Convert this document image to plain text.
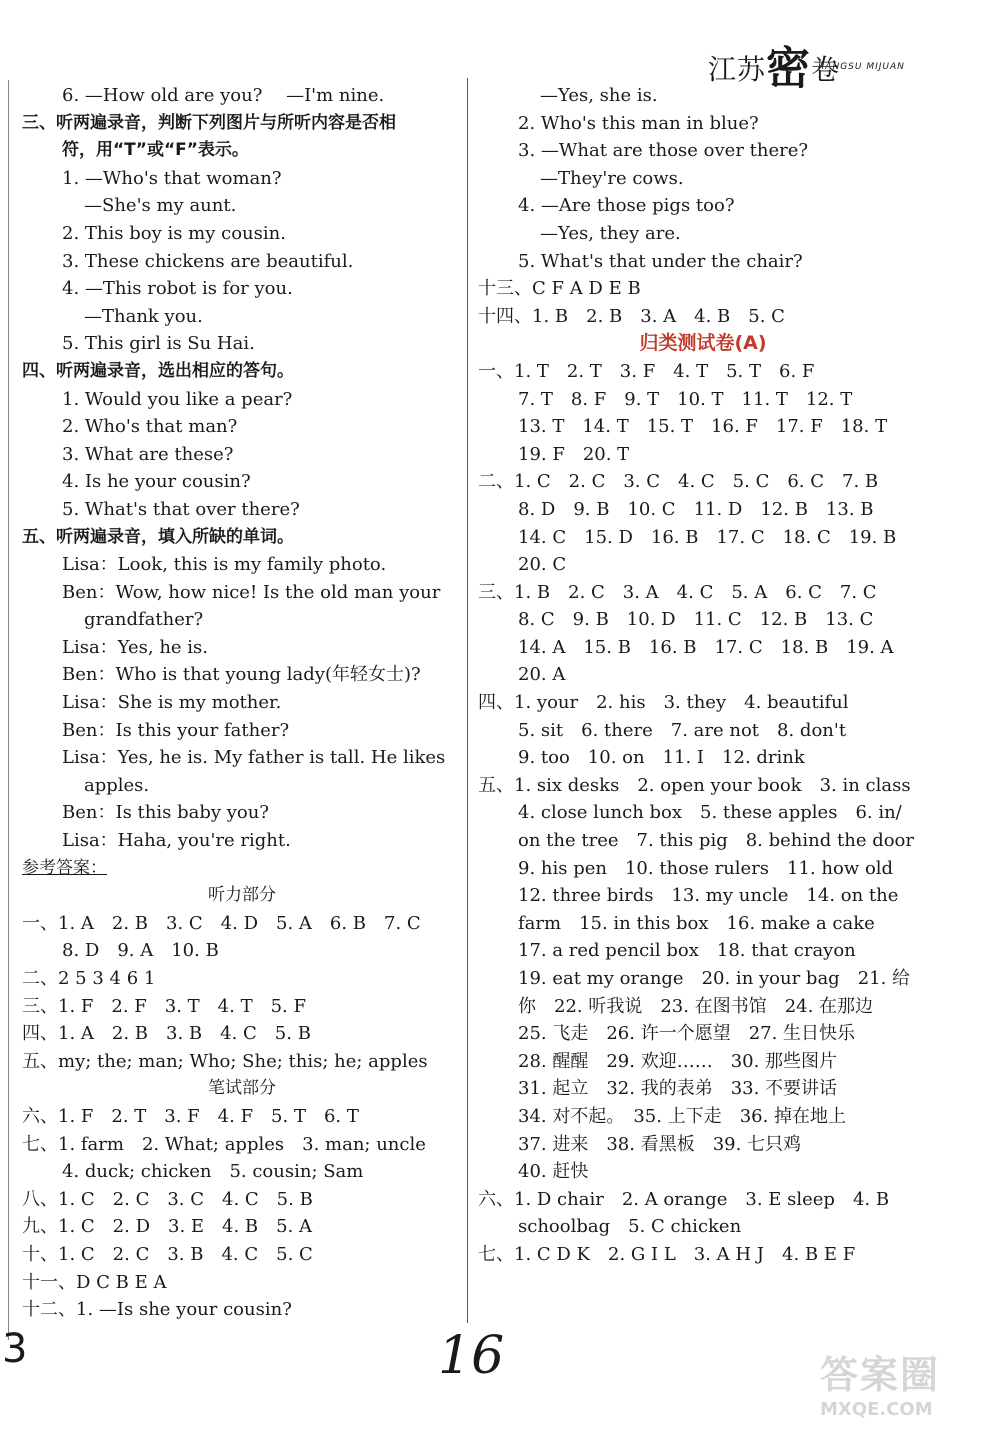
江苏密卷
JIANGSU MIJUAN
6. —How old are you?　 —I'm nine.
三、听两遍录音，判断下列图片与所听内容是否相
符，用“T”或“F”表示。
1. —Who's that woman?
—She's my aunt.
2. This boy is my cousin.
3. These chickens are beautiful.
4. —This robot is for you.
—Thank you.
5. This girl is Su Hai.
四、听两遍录音，选出相应的答句。
1. Would you like a pear?
2. Who's that man?
3. What are these?
4. Is he your cousin?
5. What's that over there?
五、听两遍录音，填入所缺的单词。
Lisa：Look, this is my family photo.
Ben：Wow, how nice! Is the old man your
grandfather?
Lisa：Yes, he is.
Ben：Who is that young lady(年轻女士)?
Lisa：She is my mother.
Ben：Is this your father?
Lisa：Yes, he is. My father is tall. He likes
apples.
Ben：Is this baby you?
Lisa：Haha, you're right.
参考答案：
听力部分
一、1. A　2. B　3. C　4. D　5. A　6. B　7. C
8. D　9. A　10. B
二、2 5 3 4 6 1
三、1. F　2. F　3. T　4. T　5. F
四、1. A　2. B　3. B　4. C　5. B
五、my; the; man; Who; She; this; he; apples
笔试部分
六、1. F　2. T　3. F　4. F　5. T　6. T
七、1. farm　2. What; apples　3. man; uncle
4. duck; chicken　5. cousin; Sam
八、1. C　2. C　3. C　4. C　5. B
九、1. C　2. D　3. E　4. B　5. A
十、1. C　2. C　3. B　4. C　5. C
十一、D C B E A
十二、1. —Is she your cousin?
—Yes, she is.
2. Who's this man in blue?
3. —What are those over there?
—They're cows.
4. —Are those pigs too?
—Yes, they are.
5. What's that under the chair?
十三、C F A D E B
十四、1. B　2. B　3. A　4. B　5. C
归类测试卷(A)
一、1. T　2. T　3. F　4. T　5. T　6. F
7. T　8. F　9. T　10. T　11. T　12. T
13. T　14. T　15. T　16. F　17. F　18. T
19. F　20. T
二、1. C　2. C　3. C　4. C　5. C　6. C　7. B
8. D　9. B　10. C　11. D　12. B　13. B
14. C　15. D　16. B　17. C　18. C　19. B
20. C
三、1. B　2. C　3. A　4. C　5. A　6. C　7. C
8. C　9. B　10. D　11. C　12. B　13. C
14. A　15. B　16. B　17. C　18. B　19. A
20. A
四、1. your　2. his　3. they　4. beautiful
5. sit　6. there　7. are not　8. don't
9. too　10. on　11. I　12. drink
五、1. six desks　2. open your book　3. in class
4. close lunch box　5. these apples　6. in/
on the tree　7. this pig　8. behind the door
9. his pen　10. those rulers　11. how old
12. three birds　13. my uncle　14. on the
farm　15. in this box　16. make a cake
17. a red pencil box　18. that crayon
19. eat my orange　20. in your bag　21. 给
你　22. 听我说　23. 在图书馆　24. 在那边
25. 飞走　26. 许一个愿望　27. 生日快乐
28. 醒醒　29. 欢迎……　30. 那些图片
31. 起立　32. 我的表弟　33. 不要讲话
34. 对不起。　35. 上下走　36. 掉在地上
37. 进来　38. 看黑板　39. 七只鸡
40. 赶快
六、1. D chair　2. A orange　3. E sleep　4. B
schoolbag　5. C chicken
七、1. C D K　2. G I L　3. A H J　4. B E F
3	16	答案圈
MXQE.COM
